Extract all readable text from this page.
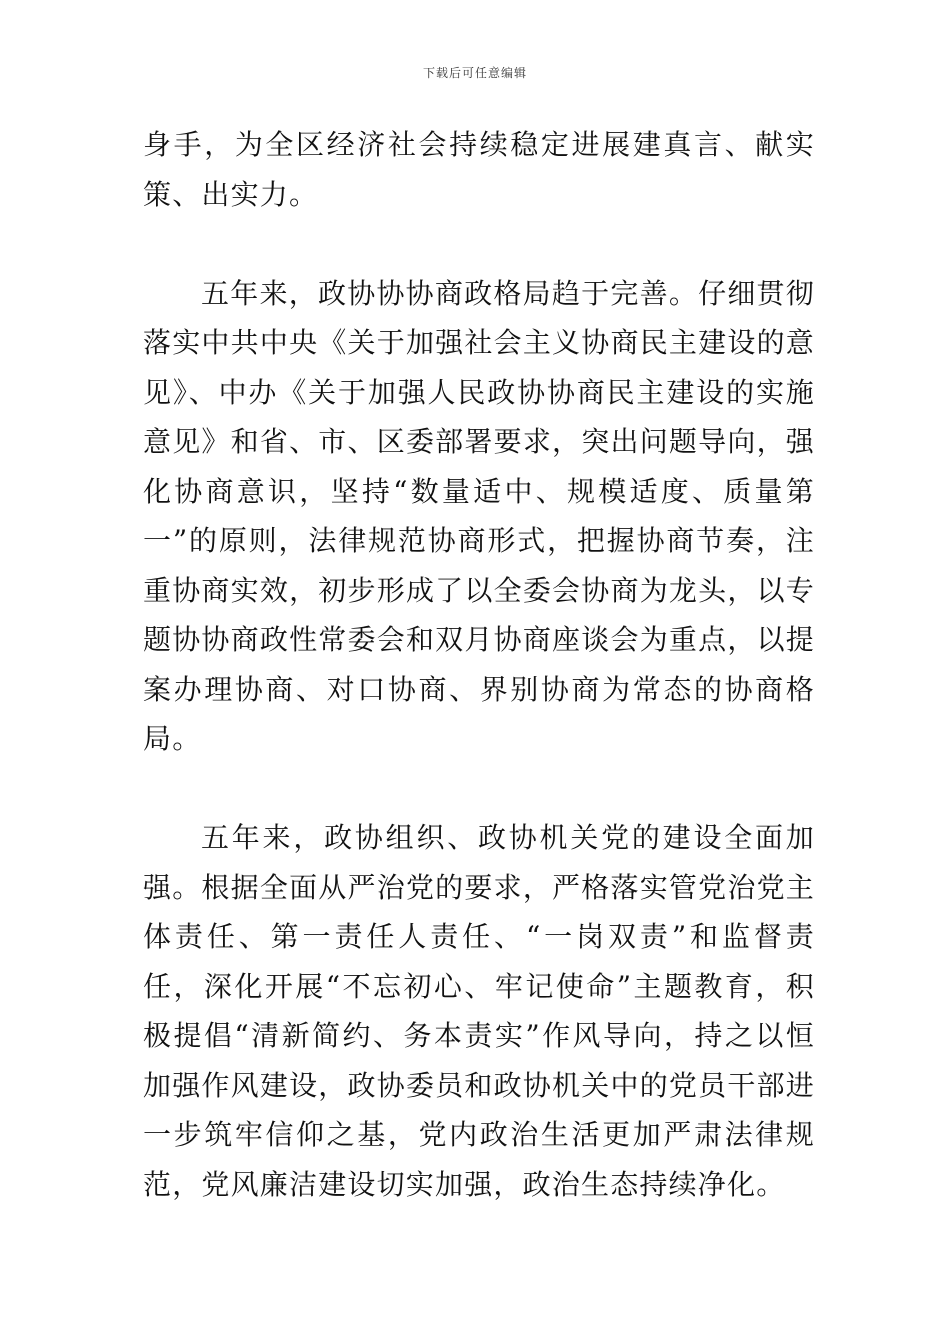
下载后可任意编辑

身手，为全区经济社会持续稳定进展建真言、献实策、出实力。

五年来，政协协协商政格局趋于完善。仔细贯彻落实中共中央《关于加强社会主义协商民主建设的意见》、中办《关于加强人民政协协商民主建设的实施意见》和省、市、区委部署要求，突出问题导向，强化协商意识，坚持“数量适中、规模适度、质量第一”的原则，法律规范协商形式，把握协商节奏，注重协商实效，初步形成了以全委会协商为龙头，以专题协协商政性常委会和双月协商座谈会为重点，以提案办理协商、对口协商、界别协商为常态的协商格局。

五年来，政协组织、政协机关党的建设全面加强。根据全面从严治党的要求，严格落实管党治党主体责任、第一责任人责任、“一岗双责”和监督责任，深化开展“不忘初心、牢记使命”主题教育，积极提倡“清新简约、务本责实”作风导向，持之以恒加强作风建设，政协委员和政协机关中的党员干部进一步筑牢信仰之基，党内政治生活更加严肃法律规范，党风廉洁建设切实加强，政治生态持续净化。
